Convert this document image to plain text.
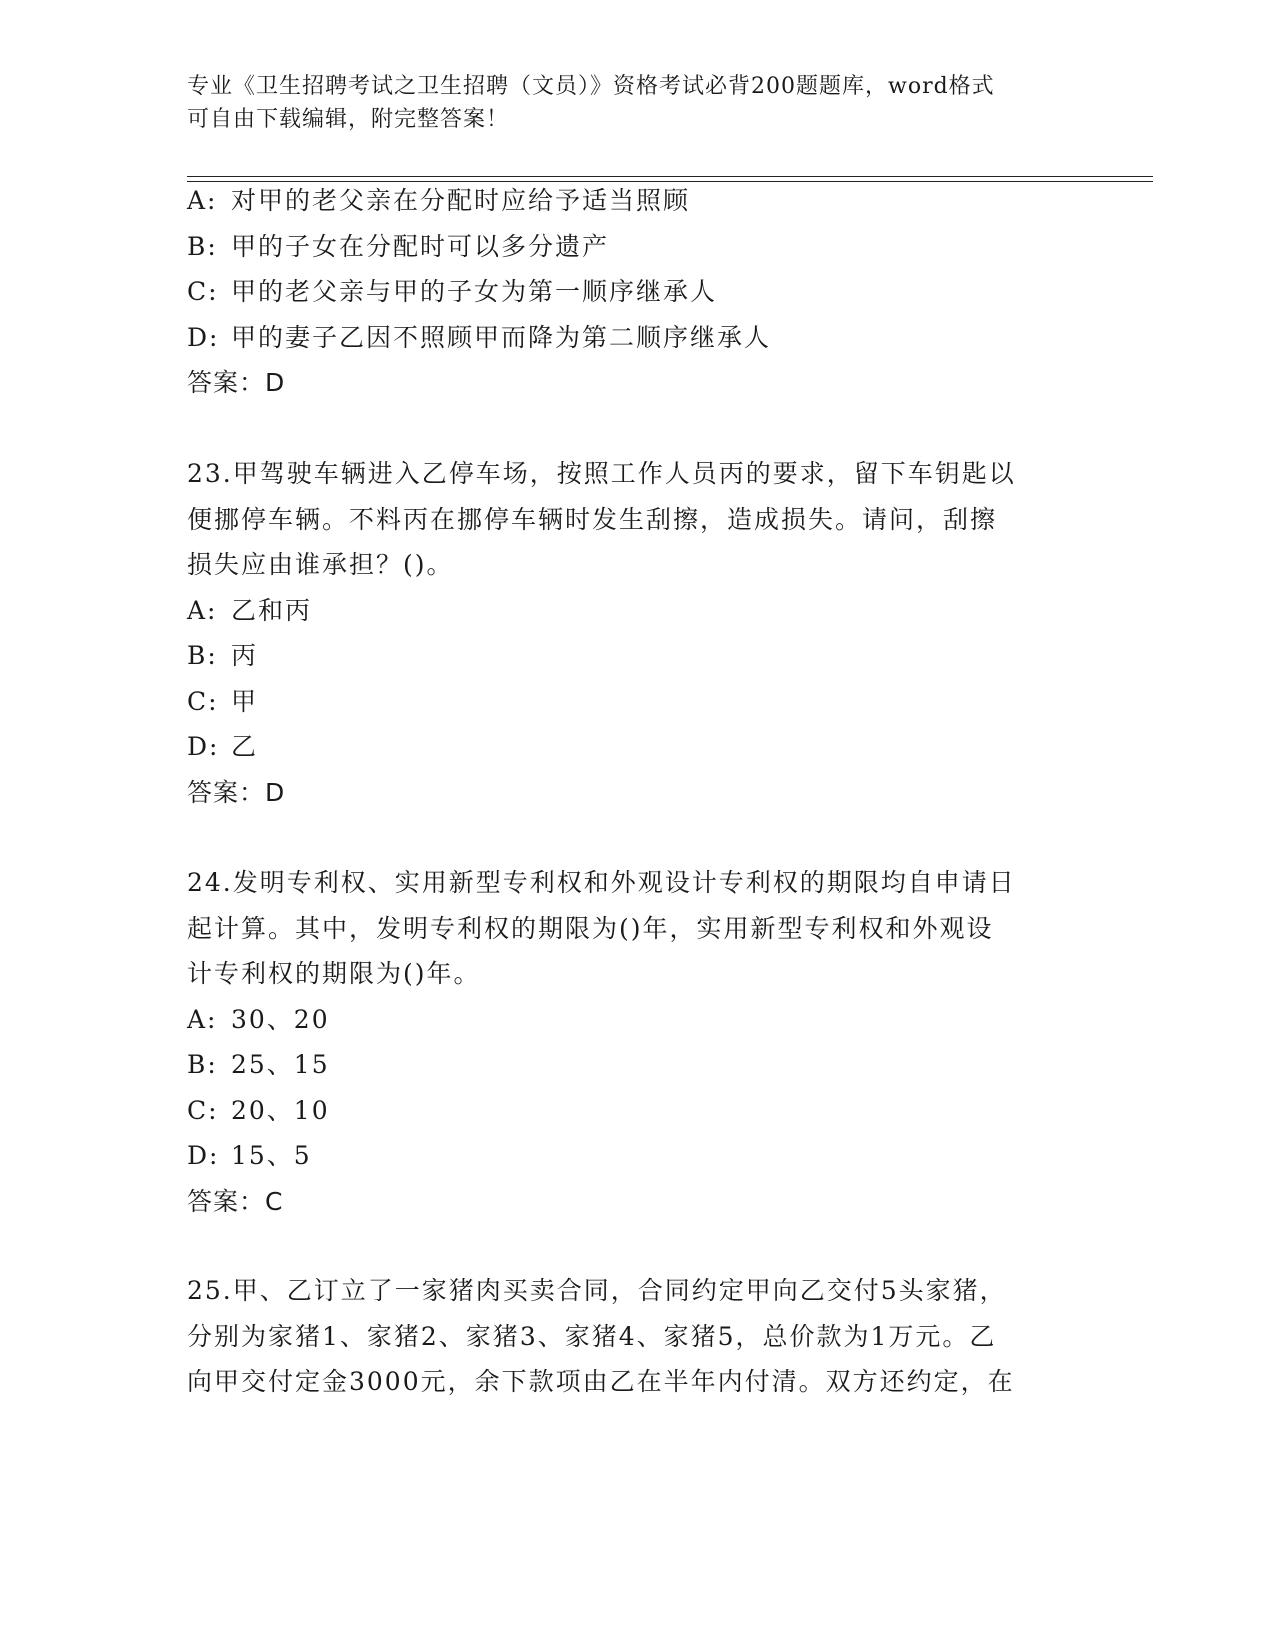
专业《卫生招聘考试之卫生招聘（文员）》资格考试必背200题题库，word格式
可自由下载编辑，附完整答案！

A: 对甲的老父亲在分配时应给予适当照顾

B: 甲的子女在分配时可以多分遗产

C: 甲的老父亲与甲的子女为第一顺序继承人

D: 甲的妻子乙因不照顾甲而降为第二顺序继承人

答案：D

23.甲驾驶车辆进入乙停车场，按照工作人员丙的要求，留下车钥匙以

便挪停车辆。不料丙在挪停车辆时发生刮擦，造成损失。请问，刮擦

损失应由谁承担？()。

A: 乙和丙

B: 丙

C: 甲

D: 乙

答案：D

24.发明专利权、实用新型专利权和外观设计专利权的期限均自申请日

起计算。其中，发明专利权的期限为()年，实用新型专利权和外观设

计专利权的期限为()年。

A: 30、20

B: 25、15

C: 20、10

D: 15、5

答案：C

25.甲、乙订立了一家猪肉买卖合同，合同约定甲向乙交付5头家猪，

分别为家猪1、家猪2、家猪3、家猪4、家猪5，总价款为1万元。乙

向甲交付定金3000元，余下款项由乙在半年内付清。双方还约定，在
